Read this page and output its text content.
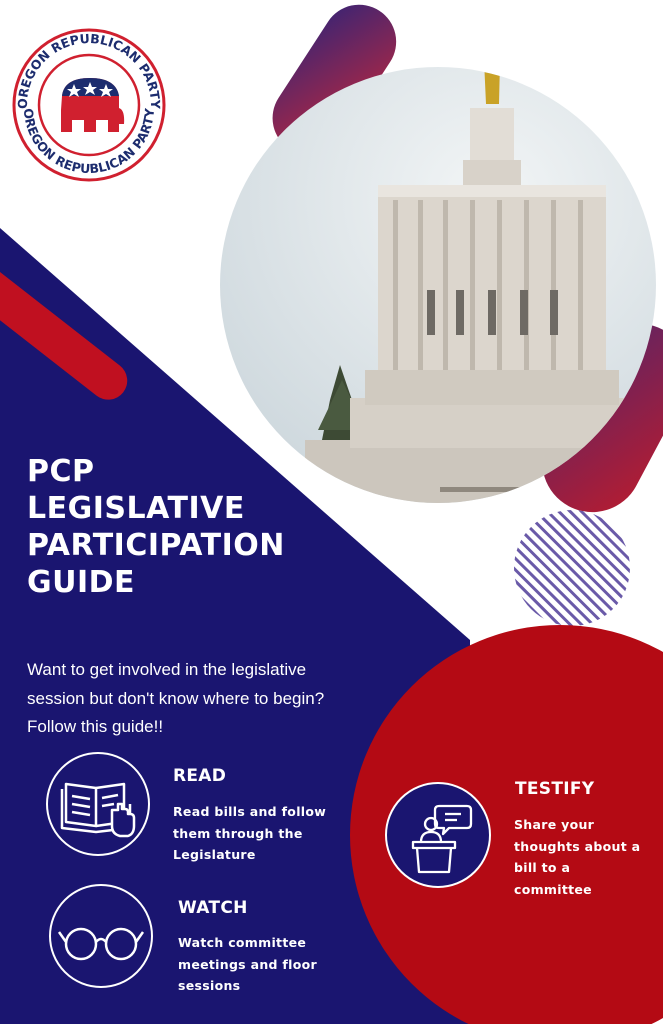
OREGON REPUBLICAN PARTY
OREGON REPUBLICAN PARTY
PCP
LEGISLATIVE
PARTICIPATION
GUIDE
Want to get involved in the legislative
session but don't know where to begin?
Follow this guide!!
READ
Read bills and follow
them through the
Legislature
WATCH
Watch committee
meetings and floor
sessions
TESTIFY
Share your
thoughts about a
bill to a
committee
